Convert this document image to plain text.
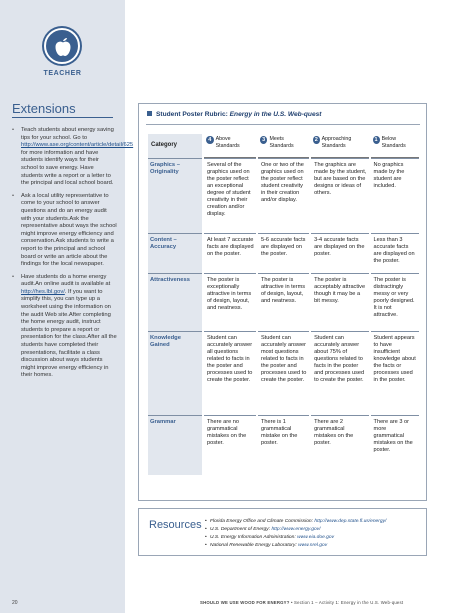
TEACHER
Extensions
• Teach students about energy saving tips for your school. Go to http://www.ase.org/content/article/detail/625 for more information and have students identify ways for their school to save energy. Have students write a report or a letter to the principal and local school board.
• Ask a local utility representative to come to your school to answer questions and do an energy audit with your students.Ask the representative about ways the school might improve energy efficiency and conservation.Ask students to write a report to the principal and school board or write an article about the findings for the local newspaper.
• Have students do a home energy audit.An online audit is available at http://hes.lbl.gov/. If you want to simplify this, you can type up a worksheet using the information on the audit Web site.After completing the home energy audit, instruct students to prepare a report or presentation for the class.After all the students have completed their presentations, facilitate a class discussion about ways students might improve energy efficiency in their homes.
Student Poster Rubric: Energy in the U.S. Web-quest
Category	4 Above Standards	3 Meets Standards	2 Approaching Standards	1 Below Standards

Graphics – Originality	Several of the graphics used on the poster reflect an exceptional degree of student creativity in their creation and/or display.	One or two of the graphics used on the poster reflect student creativity in their creation and/or display.	The graphics are made by the student, but are based on the designs or ideas of others.	No graphics made by the student are included.
Content – Accuracy	At least 7 accurate facts are displayed on the poster.	5-6 accurate facts are displayed on the poster.	3-4 accurate facts are displayed on the poster.	Less than 3 accurate facts are displayed on the poster.
Attractiveness	The poster is exceptionally attractive in terms of design, layout, and neatness.	The poster is attractive in terms of design, layout, and neatness.	The poster is acceptably attractive though it may be a bit messy.	The poster is distractingly messy or very poorly designed. It is not attractive.
Knowledge Gained	Student can accurately answer all questions related to facts in the poster and processes used to create the poster.	Student can accurately answer most questions related to facts in the poster and processes used to create the poster.	Student can accurately answer about 75% of questions related to facts in the poster and processes used to create the poster.	Student appears to have insufficient knowledge about the facts or processes used in the poster.
Grammar	There are no grammatical mistakes on the poster.	There is 1 grammatical mistake on the poster.	There are 2 grammatical mistakes on the poster.	There are 3 or more grammatical mistakes on the poster.
Resources	• Florida Energy Office and Climate Commission: http://www.dep.state.fl.us/energy/
• U.S. Department of Energy: http://www.energy.gov/
• U.S. Energy Information Administration: www.eia.doe.gov
• National Renewable Energy Laboratory: www.nrel.gov
20	SHOULD WE USE WOOD FOR ENERGY? • Section 1 – Activity 1: Energy in the U.S. Web-quest
